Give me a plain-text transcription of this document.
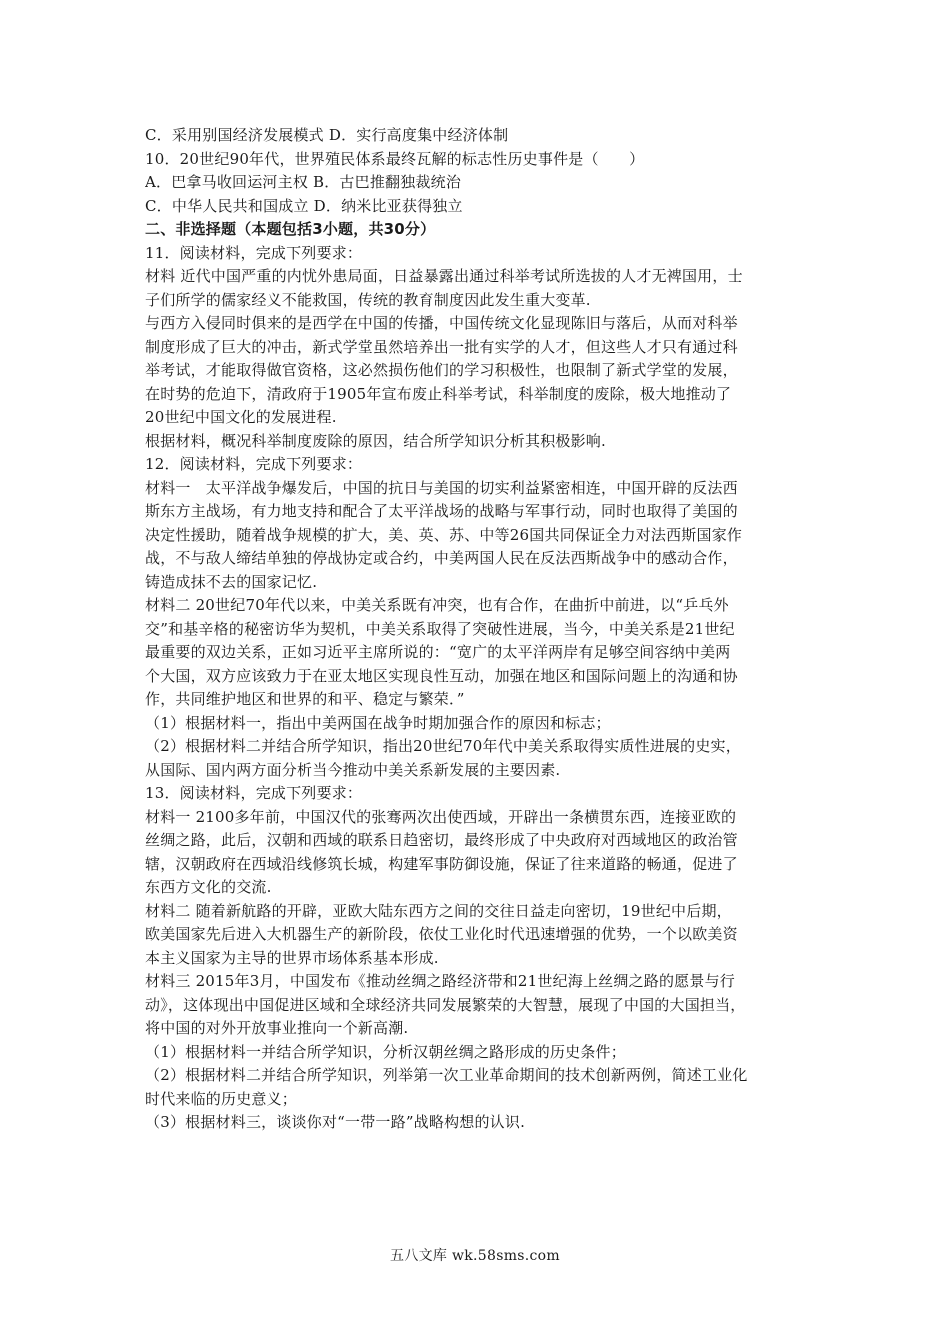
C．采用别国经济发展模式 D．实行高度集中经济体制
10．20世纪90年代，世界殖民体系最终瓦解的标志性历史事件是（　　）
A．巴拿马收回运河主权 B．古巴推翻独裁统治
C．中华人民共和国成立 D．纳米比亚获得独立
二、非选择题（本题包括3小题，共30分）
11．阅读材料，完成下列要求：
材料 近代中国严重的内忧外患局面，日益暴露出通过科举考试所选拔的人才无裨国用，士
子们所学的儒家经义不能救国，传统的教育制度因此发生重大变革.
与西方入侵同时俱来的是西学在中国的传播，中国传统文化显现陈旧与落后，从而对科举
制度形成了巨大的冲击，新式学堂虽然培养出一批有实学的人才，但这些人才只有通过科
举考试，才能取得做官资格，这必然损伤他们的学习积极性，也限制了新式学堂的发展，
在时势的危迫下，清政府于1905年宣布废止科举考试，科举制度的废除，极大地推动了
20世纪中国文化的发展进程.
根据材料，概况科举制度废除的原因，结合所学知识分析其积极影响.
12．阅读材料，完成下列要求：
材料一　太平洋战争爆发后，中国的抗日与美国的切实利益紧密相连，中国开辟的反法西
斯东方主战场，有力地支持和配合了太平洋战场的战略与军事行动，同时也取得了美国的
决定性援助，随着战争规模的扩大，美、英、苏、中等26国共同保证全力对法西斯国家作
战，不与敌人缔结单独的停战协定或合约，中美两国人民在反法西斯战争中的感动合作，
铸造成抹不去的国家记忆.
材料二 20世纪70年代以来，中美关系既有冲突，也有合作，在曲折中前进，以“乒乓外
交”和基辛格的秘密访华为契机，中美关系取得了突破性进展，当今，中美关系是21世纪
最重要的双边关系，正如习近平主席所说的：“宽广的太平洋两岸有足够空间容纳中美两
个大国，双方应该致力于在亚太地区实现良性互动，加强在地区和国际问题上的沟通和协
作，共同维护地区和世界的和平、稳定与繁荣．”
（1）根据材料一，指出中美两国在战争时期加强合作的原因和标志；
（2）根据材料二并结合所学知识，指出20世纪70年代中美关系取得实质性进展的史实，
从国际、国内两方面分析当今推动中美关系新发展的主要因素.
13．阅读材料，完成下列要求：
材料一 2100多年前，中国汉代的张骞两次出使西域，开辟出一条横贯东西，连接亚欧的
丝绸之路，此后，汉朝和西域的联系日趋密切，最终形成了中央政府对西域地区的政治管
辖，汉朝政府在西域沿线修筑长城，构建军事防御设施，保证了往来道路的畅通，促进了
东西方文化的交流.
材料二 随着新航路的开辟，亚欧大陆东西方之间的交往日益走向密切，19世纪中后期，
欧美国家先后进入大机器生产的新阶段，依仗工业化时代迅速增强的优势，一个以欧美资
本主义国家为主导的世界市场体系基本形成.
材料三 2015年3月，中国发布《推动丝绸之路经济带和21世纪海上丝绸之路的愿景与行
动》，这体现出中国促进区域和全球经济共同发展繁荣的大智慧，展现了中国的大国担当，
将中国的对外开放事业推向一个新高潮.
（1）根据材料一并结合所学知识，分析汉朝丝绸之路形成的历史条件；
（2）根据材料二并结合所学知识，列举第一次工业革命期间的技术创新两例，简述工业化
时代来临的历史意义；
（3）根据材料三，谈谈你对“一带一路”战略构想的认识.
五八文库 wk.58sms.com
